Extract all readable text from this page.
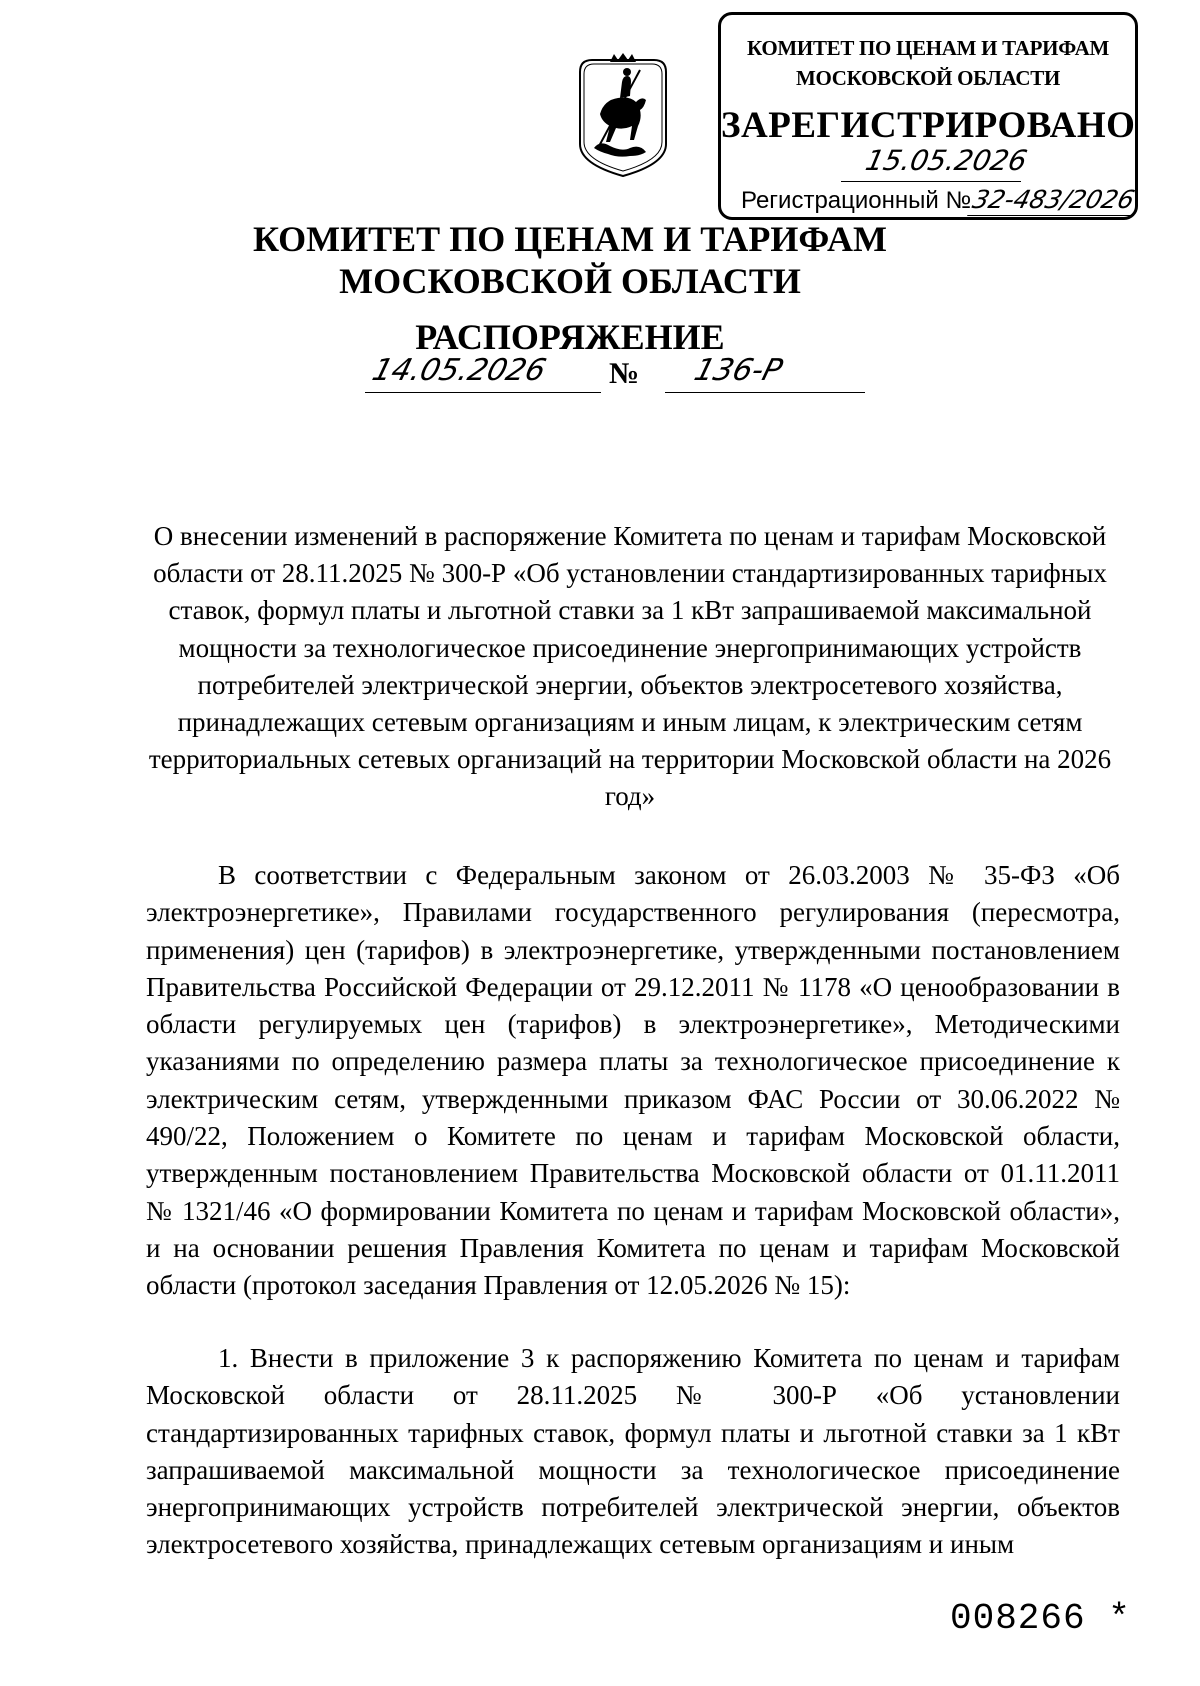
КОМИТЕТ ПО ЦЕНАМ И ТАРИФАМ
МОСКОВСКОЙ ОБЛАСТИ
ЗАРЕГИСТРИРОВАНО
15.05.2026
Регистрационный №32-483/2026
КОМИТЕТ ПО ЦЕНАМ И ТАРИФАМ
МОСКОВСКОЙ ОБЛАСТИ
РАСПОРЯЖЕНИЕ
14.05.2026	№	136-Р
О внесении изменений в распоряжение Комитета по ценам и тарифам Московской области от 28.11.2025 № 300-Р «Об установлении стандартизированных тарифных ставок, формул платы и льготной ставки за 1 кВт запрашиваемой максимальной мощности за технологическое присоединение энергопринимающих устройств потребителей электрической энергии, объектов электросетевого хозяйства, принадлежащих сетевым организациям и иным лицам, к электрическим сетям территориальных сетевых организаций на территории Московской области на 2026 год»

В соответствии с Федеральным законом от 26.03.2003 № 35-ФЗ «Об электроэнергетике», Правилами государственного регулирования (пересмотра, применения) цен (тарифов) в электроэнергетике, утвержденными постановлением Правительства Российской Федерации от 29.12.2011 № 1178 «О ценообразовании в области регулируемых цен (тарифов) в электроэнергетике», Методическими указаниями по определению размера платы за технологическое присоединение к электрическим сетям, утвержденными приказом ФАС России от 30.06.2022 № 490/22, Положением о Комитете по ценам и тарифам Московской области, утвержденным постановлением Правительства Московской области от 01.11.2011 № 1321/46 «О формировании Комитета по ценам и тарифам Московской области», и на основании решения Правления Комитета по ценам и тарифам Московской области (протокол заседания Правления от 12.05.2026 № 15):

1. Внести в приложение 3 к распоряжению Комитета по ценам и тарифам Московской области от 28.11.2025 № 300-Р «Об установлении стандартизированных тарифных ставок, формул платы и льготной ставки за 1 кВт запрашиваемой максимальной мощности за технологическое присоединение энергопринимающих устройств потребителей электрической энергии, объектов электросетевого хозяйства, принадлежащих сетевым организациям и иным

008266 *
